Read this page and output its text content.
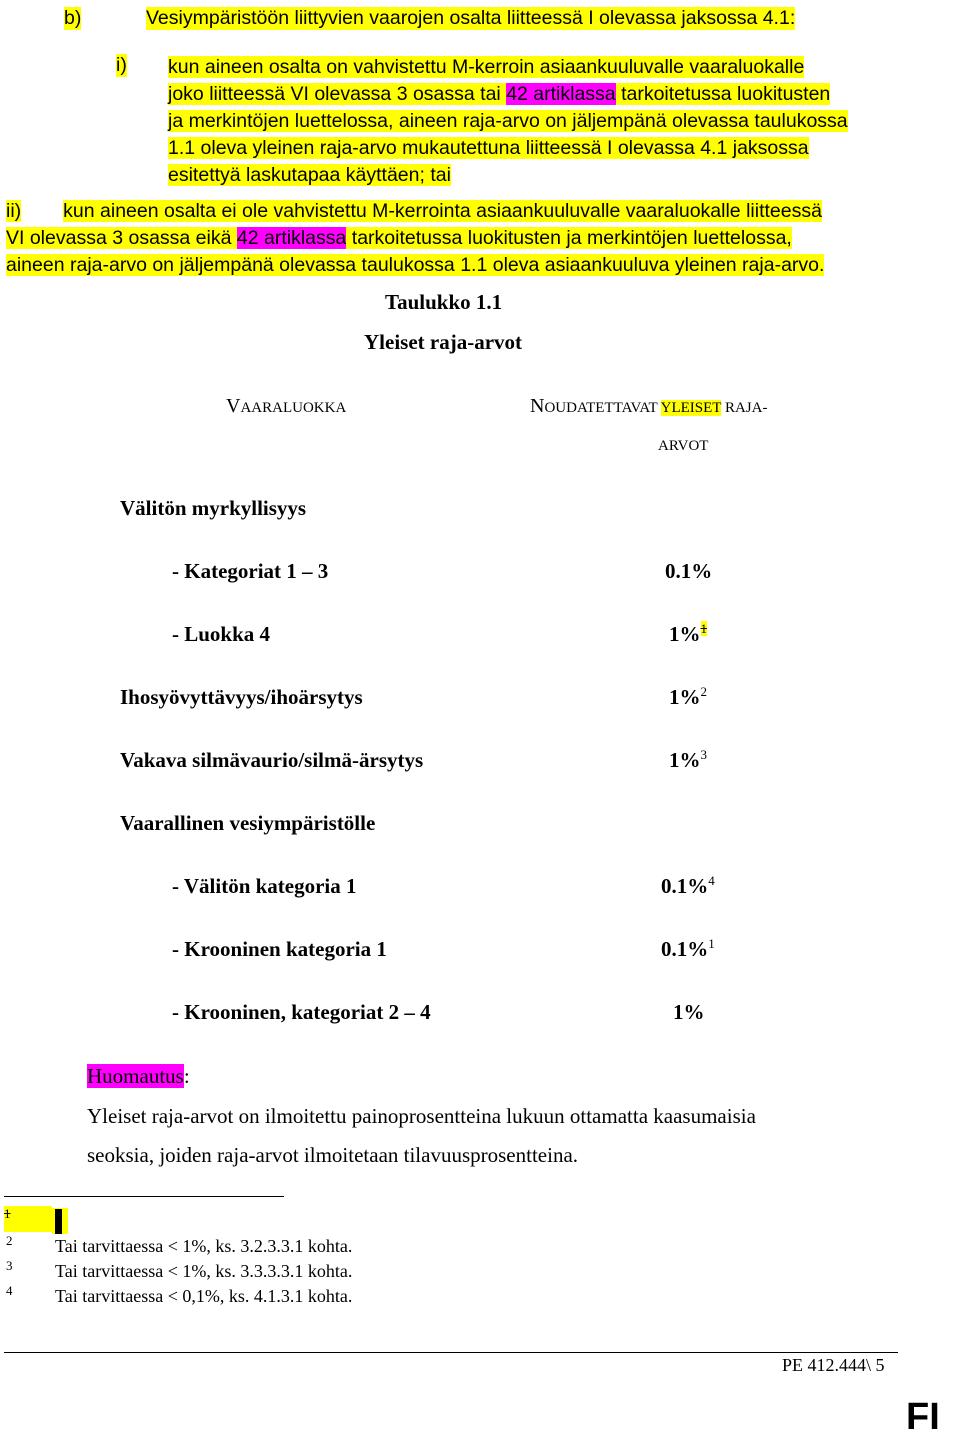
b)	Vesiympäristöön liittyvien vaarojen osalta liitteessä I olevassa jaksossa 4.1:
i) kun aineen osalta on vahvistettu M-kerroin asiaankuuluvalle vaaraluokalle
joko liitteessä VI olevassa 3 osassa tai 42 artiklassa tarkoitetussa luokitusten
ja merkintöjen luettelossa, aineen raja-arvo on jäljempänä olevassa taulukossa
1.1 oleva yleinen raja-arvo mukautettuna liitteessä I olevassa 4.1 jaksossa
esitettyä laskutapaa käyttäen; tai
ii) kun aineen osalta ei ole vahvistettu M-kerrointa asiaankuuluvalle vaaraluokalle liitteessä
VI olevassa 3 osassa eikä 42 artiklassa tarkoitetussa luokitusten ja merkintöjen luettelossa,
aineen raja-arvo on jäljempänä olevassa taulukossa 1.1 oleva asiaankuuluva yleinen raja-arvo.
Taulukko 1.1
Yleiset raja-arvot
VAARALUOKKA	NOUDATETTAVAT YLEISET RAJA-
ARVOT
Välitön myrkyllisyys
- Kategoriat 1 – 3	0.1%
- Luokka 4	1%$^1$
Ihosyövyttävyys/ihoärsytys	1%$^2$
Vakava silmävaurio/silmä-ärsytys	1%$^3$
Vaarallinen vesiympäristölle
- Välitön kategoria 1	0.1%$^4$
- Krooninen kategoria 1	0.1%$^1$
- Krooninen, kategoriat 2 – 4	1%
Huomautus:
Yleiset raja-arvot on ilmoitettu painoprosentteina lukuun ottamatta kaasumaisia
seoksia, joiden raja-arvot ilmoitetaan tilavuusprosentteina.
1
2 Tai tarvittaessa < 1%, ks. 3.2.3.3.1 kohta.
3 Tai tarvittaessa < 1%, ks. 3.3.3.3.1 kohta.
4 Tai tarvittaessa < 0,1%, ks. 4.1.3.1 kohta.
PE 412.444\ 5
FI
